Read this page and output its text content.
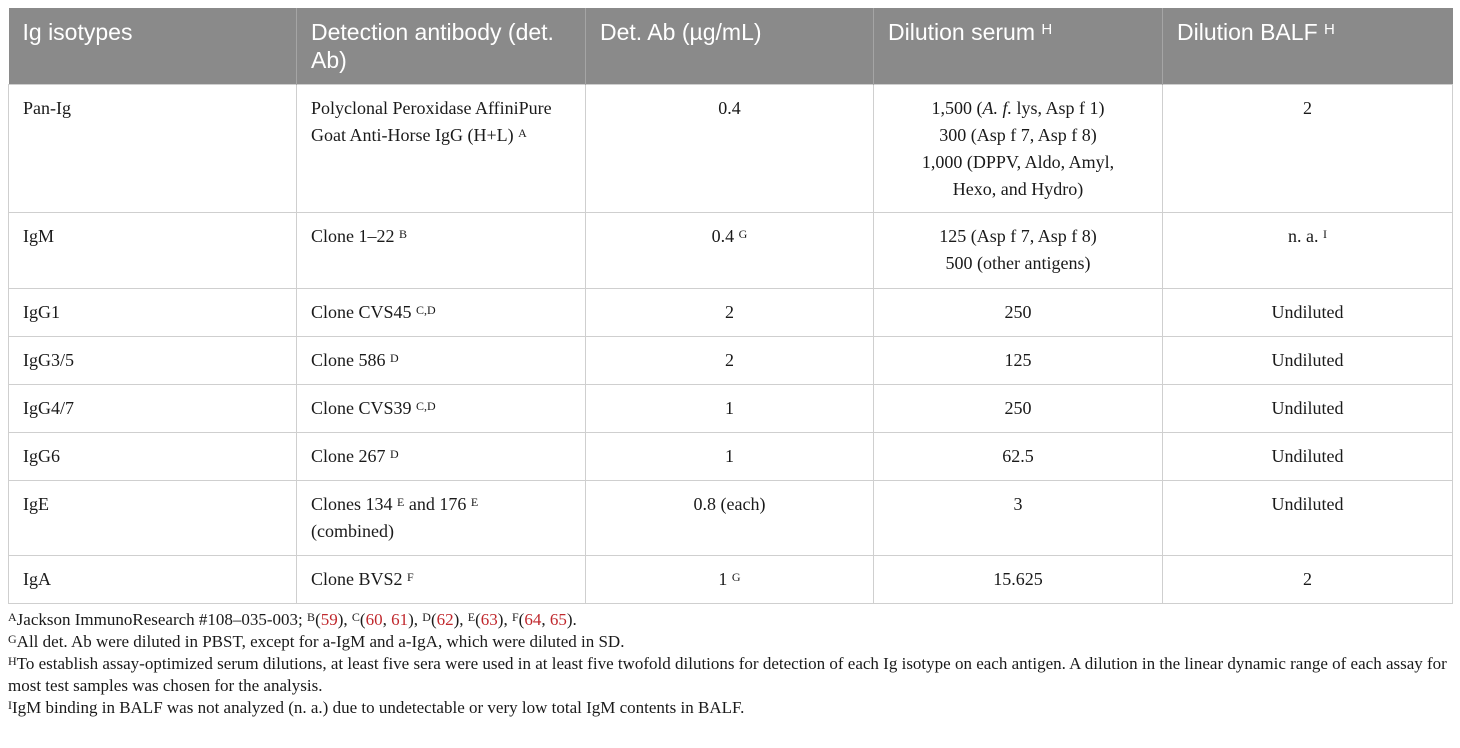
Ig isotypes	Detection antibody (det. Ab)	Det. Ab (µg/mL)	Dilution serum $^H$	Dilution BALF $^H$
Pan-Ig	Polyclonal Peroxidase AffiniPure Goat Anti-Horse IgG (H+L) $^A$	0.4	1,500 (A. f. lys, Asp f 1)
300 (Asp f 7, Asp f 8)
1,000 (DPPV, Aldo, Amyl,
Hexo, and Hydro)	2
IgM	Clone 1–22 $^B$	0.4 $^G$	125 (Asp f 7, Asp f 8)
500 (other antigens)	n. a. $^I$
IgG1	Clone CVS45 $^{C,D}$	2	250	Undiluted
IgG3/5	Clone 586 $^D$	2	125	Undiluted
IgG4/7	Clone CVS39 $^{C,D}$	1	250	Undiluted
IgG6	Clone 267 $^D$	1	62.5	Undiluted
IgE	Clones 134 $^E$ and 176 $^E$
(combined)	0.8 (each)	3	Undiluted
IgA	Clone BVS2 $^F$	1 $^G$	15.625	2

$^A$Jackson ImmunoResearch #108–035-003; $^B$(59), $^C$(60, 61), $^D$(62), $^E$(63), $^F$(64, 65).

$^G$All det. Ab were diluted in PBST, except for a-IgM and a-IgA, which were diluted in SD.

$^H$To establish assay-optimized serum dilutions, at least five sera were used in at least five twofold dilutions for detection of each Ig isotype on each antigen. A dilution in the linear dynamic range of each assay for most test samples was chosen for the analysis.

$^I$IgM binding in BALF was not analyzed (n. a.) due to undetectable or very low total IgM contents in BALF.
